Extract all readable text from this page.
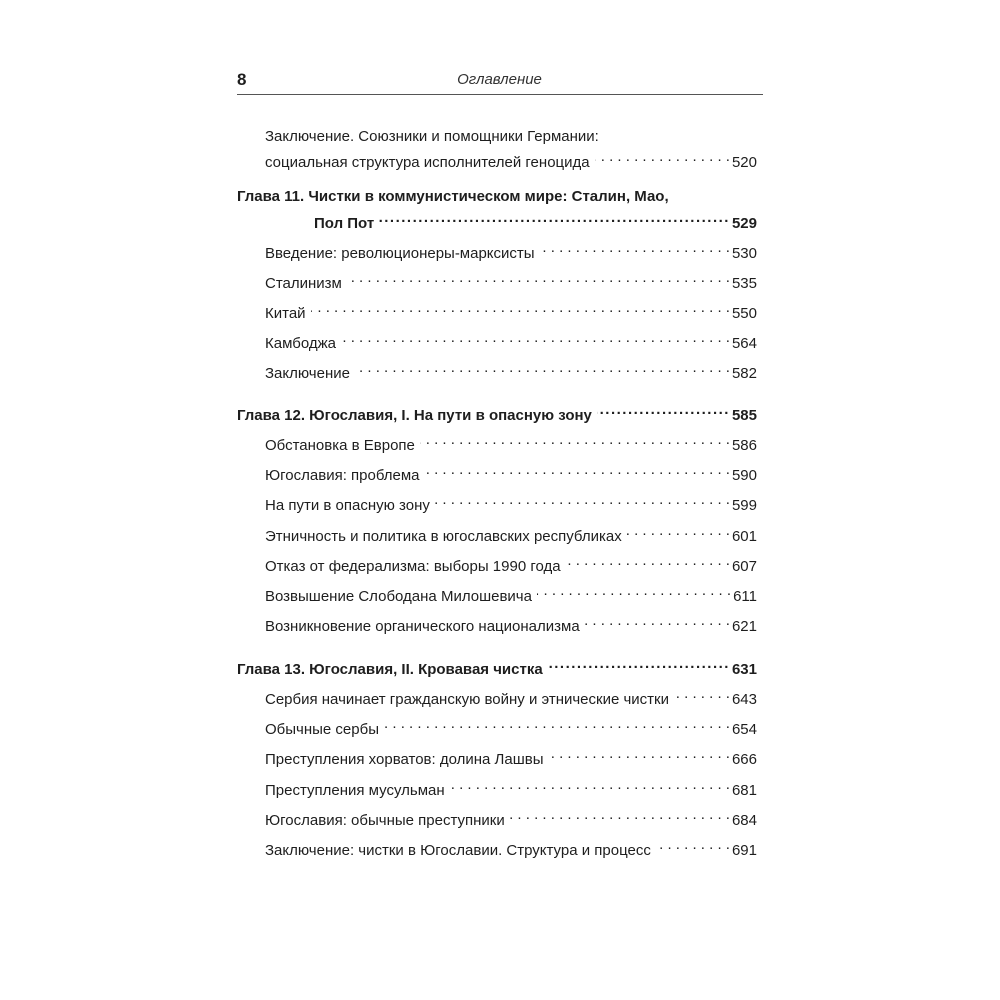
8	Оглавление
Заключение. Союзники и помощники Германии:
социальная структура исполнителей геноцида . . .	520
Глава 11. Чистки в коммунистическом мире: Сталин, Мао,
Пол Пот .....	529
Введение: революционеры-марксисты . . .	530
Сталинизм . . .	535
Китай . . .	550
Камбоджа . . .	564
Заключение . . .	582
Глава 12. Югославия, I. На пути в опасную зону .....	585
Обстановка в Европе . . .	586
Югославия: проблема . . .	590
На пути в опасную зону . . .	599
Этничность и политика в югославских республиках . . .	601
Отказ от федерализма: выборы 1990 года . . .	607
Возвышение Слободана Милошевича . . .	611
Возникновение органического национализма . . .	621
Глава 13. Югославия, II. Кровавая чистка .....	631
Сербия начинает гражданскую войну и этнические чистки . . .	643
Обычные сербы . . .	654
Преступления хорватов: долина Лашвы . . .	666
Преступления мусульман . . .	681
Югославия: обычные преступники . . .	684
Заключение: чистки в Югославии. Структура и процесс . . .	691
